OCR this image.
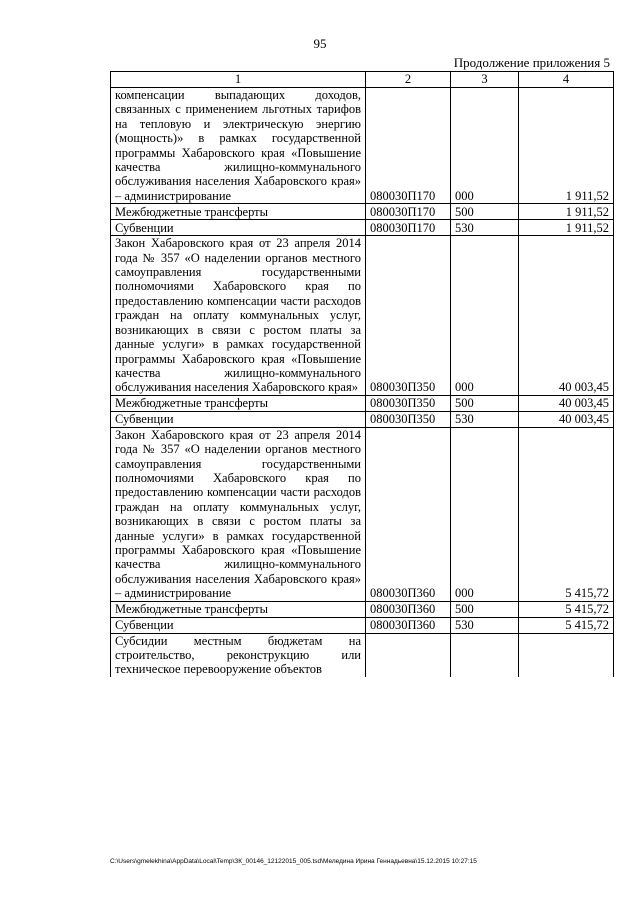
95
Продолжение приложения 5
1	2	3	4
компенсации выпадающих доходов, связанных с применением льготных тарифов на тепловую и электрическую энергию (мощность)» в рамках государственной программы Хабаровского края «Повышение качества жилищно-коммунального обслуживания населения Хабаровского края» – администрирование	080030П170	000	1 911,52
Межбюджетные трансферты	080030П170	500	1 911,52
Субвенции	080030П170	530	1 911,52
Закон Хабаровского края от 23 апреля 2014 года № 357 «О наделении органов местного самоуправления государственными полномочиями Хабаровского края по предоставлению компенсации части расходов граждан на оплату коммунальных услуг, возникающих в связи с ростом платы за данные услуги» в рамках государственной программы Хабаровского края «Повышение качества жилищно-коммунального обслуживания населения Хабаровского края»	080030П350	000	40 003,45
Межбюджетные трансферты	080030П350	500	40 003,45
Субвенции	080030П350	530	40 003,45
Закон Хабаровского края от 23 апреля 2014 года № 357 «О наделении органов местного самоуправления государственными полномочиями Хабаровского края по предоставлению компенсации части расходов граждан на оплату коммунальных услуг, возникающих в связи с ростом платы за данные услуги» в рамках государственной программы Хабаровского края «Повышение качества жилищно-коммунального обслуживания населения Хабаровского края» – администрирование	080030П360	000	5 415,72
Межбюджетные трансферты	080030П360	500	5 415,72
Субвенции	080030П360	530	5 415,72
Субсидии местным бюджетам на строительство, реконструкцию или техническое перевооружение объектов			
C:\Users\gmelekhina\AppData\Local\Temp\ЗК_00146_12122015_005.tsd\Меледина Ирина Геннадьевна\15.12.2015 10:27:15
